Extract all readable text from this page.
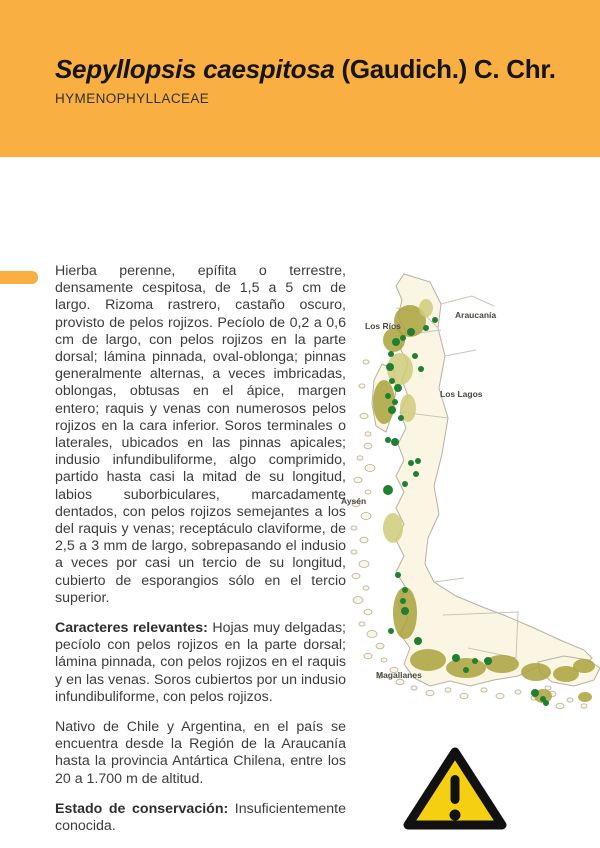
Sepyllopsis caespitosa (Gaudich.) C. Chr.
HYMENOPHYLLACEAE

Hierba perenne, epífita o terrestre, densamente cespitosa, de 1,5 a 5 cm de largo. Rizoma rastrero, castaño oscuro, provisto de pelos rojizos. Pecíolo de 0,2 a 0,6 cm de largo, con pelos rojizos en la parte dorsal; lámina pinnada, oval-oblonga; pinnas generalmente alternas, a veces imbricadas, oblongas, obtusas en el ápice, margen entero; raquis y venas con numerosos pelos rojizos en la cara inferior. Soros terminales o laterales, ubicados en las pinnas apicales; indusio infundibuliforme, algo comprimido, partido hasta casi la mitad de su longitud, labios suborbiculares, marcadamente dentados, con pelos rojizos semejantes a los del raquis y venas; receptáculo claviforme, de 2,5 a 3 mm de largo, sobrepasando el indusio a veces por casi un tercio de su longitud, cubierto de esporangios sólo en el tercio superior.

Caracteres relevantes: Hojas muy delgadas; pecíolo con pelos rojizos en la parte dorsal; lámina pinnada, con pelos rojizos en el raquis y en las venas. Soros cubiertos por un indusio infundibuliforme, con pelos rojizos.

Nativo de Chile y Argentina, en el país se encuentra desde la Región de la Araucanía hasta la provincia Antártica Chilena, entre los 20 a 1.700 m de altitud.

Estado de conservación: Insuficientemente conocida.

Los Ríos
Araucanía
Los Lagos
Aysén
Magallanes
